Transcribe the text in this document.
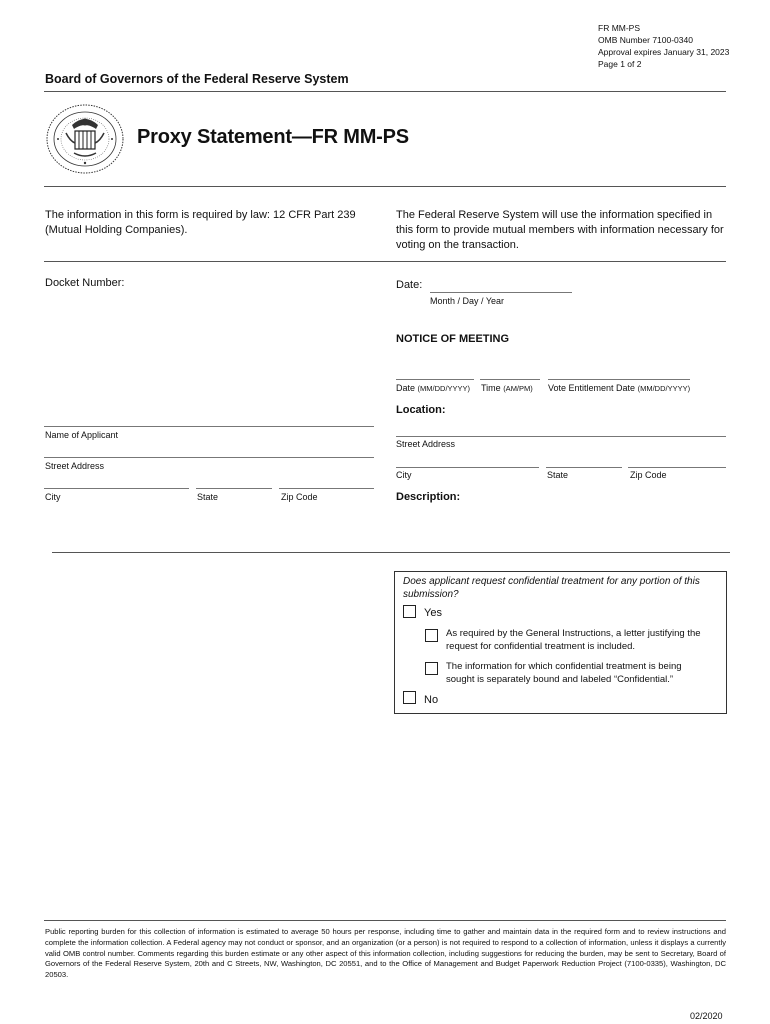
FR MM-PS
OMB Number 7100-0340
Approval expires January 31, 2023
Page 1 of 2
Board of Governors of the Federal Reserve System
Proxy Statement—FR MM-PS
The information in this form is required by law: 12 CFR Part 239 (Mutual Holding Companies).
The Federal Reserve System will use the information specified in this form to provide mutual members with information necessary for voting on the transaction.
Docket Number:	Date:
Month / Day / Year
NOTICE OF MEETING
Date (MM/DD/YYYY) Time (AM/PM) Vote Entitlement Date (MM/DD/YYYY)
Location:
Street Address
City	State	Zip Code
Description:
Name of Applicant
Street Address
City	State	Zip Code
Does applicant request confidential treatment for any portion of this submission?
Yes
As required by the General Instructions, a letter justifying the request for confidential treatment is included.
The information for which confidential treatment is being sought is separately bound and labeled “Confidential.”
No
Public reporting burden for this collection of information is estimated to average 50 hours per response, including time to gather and maintain data in the required form and to review instructions and complete the information collection. A Federal agency may not conduct or sponsor, and an organization (or a person) is not required to respond to a collection of information, unless it displays a currently valid OMB control number. Comments regarding this burden estimate or any other aspect of this information collection, including suggestions for reducing the burden, may be sent to Secretary, Board of Governors of the Federal Reserve System, 20th and C Streets, NW, Washington, DC 20551, and to the Office of Management and Budget Paperwork Reduction Project (7100-0335), Washington, DC 20503.
02/2020
